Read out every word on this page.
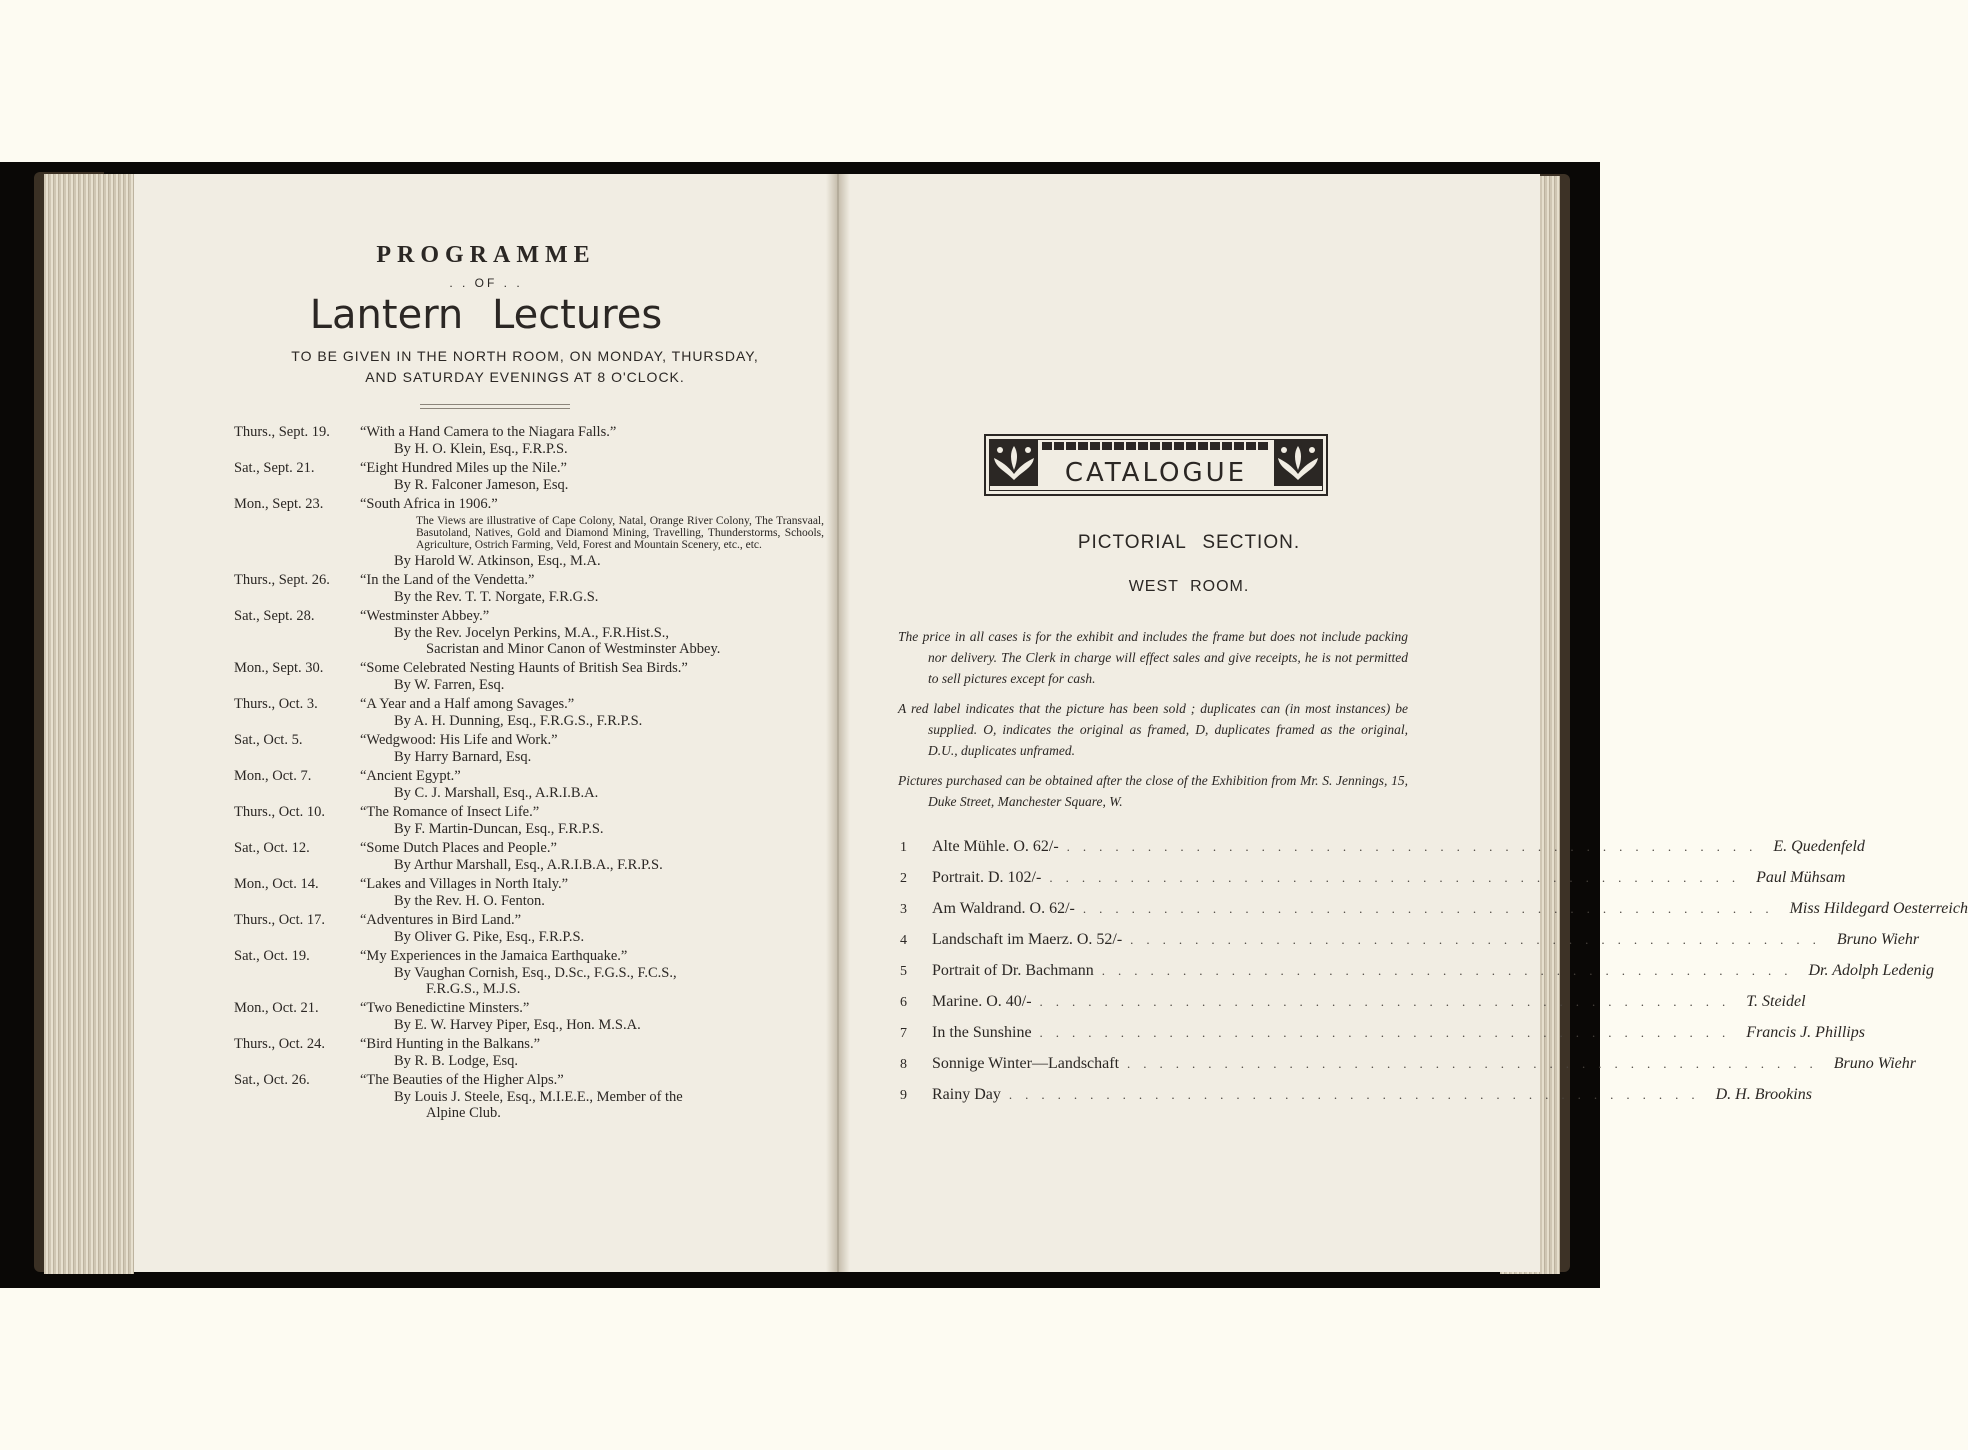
PROGRAMME
. . OF . .
Lantern Lectures
TO BE GIVEN IN THE NORTH ROOM, ON MONDAY, THURSDAY,
AND SATURDAY EVENINGS AT 8 O'CLOCK.
Thurs., Sept. 19.	“With a Hand Camera to the Niagara Falls.”
By H. O. Klein, Esq., F.R.P.S.
Sat., Sept. 21.	“Eight Hundred Miles up the Nile.”
By R. Falconer Jameson, Esq.
Mon., Sept. 23.	“South Africa in 1906.”
The Views are illustrative of Cape Colony, Natal, Orange River Colony, The Transvaal, Basutoland, Natives, Gold and Diamond Mining, Travelling, Thunderstorms, Schools, Agriculture, Ostrich Farming, Veld, Forest and Mountain Scenery, etc., etc.
By Harold W. Atkinson, Esq., M.A.
Thurs., Sept. 26.	“In the Land of the Vendetta.”
By the Rev. T. T. Norgate, F.R.G.S.
Sat., Sept. 28.	“Westminster Abbey.”
By the Rev. Jocelyn Perkins, M.A., F.R.Hist.S.,
Sacristan and Minor Canon of Westminster Abbey.
Mon., Sept. 30.	“Some Celebrated Nesting Haunts of British Sea Birds.”
By W. Farren, Esq.
Thurs., Oct. 3.	“A Year and a Half among Savages.”
By A. H. Dunning, Esq., F.R.G.S., F.R.P.S.
Sat., Oct. 5.	“Wedgwood: His Life and Work.”
By Harry Barnard, Esq.
Mon., Oct. 7.	“Ancient Egypt.”
By C. J. Marshall, Esq., A.R.I.B.A.
Thurs., Oct. 10.	“The Romance of Insect Life.”
By F. Martin-Duncan, Esq., F.R.P.S.
Sat., Oct. 12.	“Some Dutch Places and People.”
By Arthur Marshall, Esq., A.R.I.B.A., F.R.P.S.
Mon., Oct. 14.	“Lakes and Villages in North Italy.”
By the Rev. H. O. Fenton.
Thurs., Oct. 17.	“Adventures in Bird Land.”
By Oliver G. Pike, Esq., F.R.P.S.
Sat., Oct. 19.	“My Experiences in the Jamaica Earthquake.”
By Vaughan Cornish, Esq., D.Sc., F.G.S., F.C.S.,
F.R.G.S., M.J.S.
Mon., Oct. 21.	“Two Benedictine Minsters.”
By E. W. Harvey Piper, Esq., Hon. M.S.A.
Thurs., Oct. 24.	“Bird Hunting in the Balkans.”
By R. B. Lodge, Esq.
Sat., Oct. 26.	“The Beauties of the Higher Alps.”
By Louis J. Steele, Esq., M.I.E.E., Member of the
Alpine Club.
CATALOGUE
PICTORIAL SECTION.
WEST ROOM.
The price in all cases is for the exhibit and includes the frame but does not include packing nor delivery. The Clerk in charge will effect sales and give receipts, he is not permitted to sell pictures except for cash.
A red label indicates that the picture has been sold ; duplicates can (in most instances) be supplied. O, indicates the original as framed, D, duplicates framed as the original, D.U., duplicates unframed.
Pictures purchased can be obtained after the close of the Exhibition from Mr. S. Jennings, 15, Duke Street, Manchester Square, W.
1	Alte Mühle. O. 62/- ........................................... E. Quedenfeld
2	Portrait. D. 102/- ........................................... Paul Mühsam
3	Am Waldrand. O. 62/- ........................................... Miss Hildegard Oesterreich
4	Landschaft im Maerz. O. 52/- ........................................... Bruno Wiehr
5	Portrait of Dr. Bachmann ........................................... Dr. Adolph Ledenig
6	Marine. O. 40/- ........................................... T. Steidel
7	In the Sunshine ........................................... Francis J. Phillips
8	Sonnige Winter—Landschaft ........................................... Bruno Wiehr
9	Rainy Day ........................................... D. H. Brookins
